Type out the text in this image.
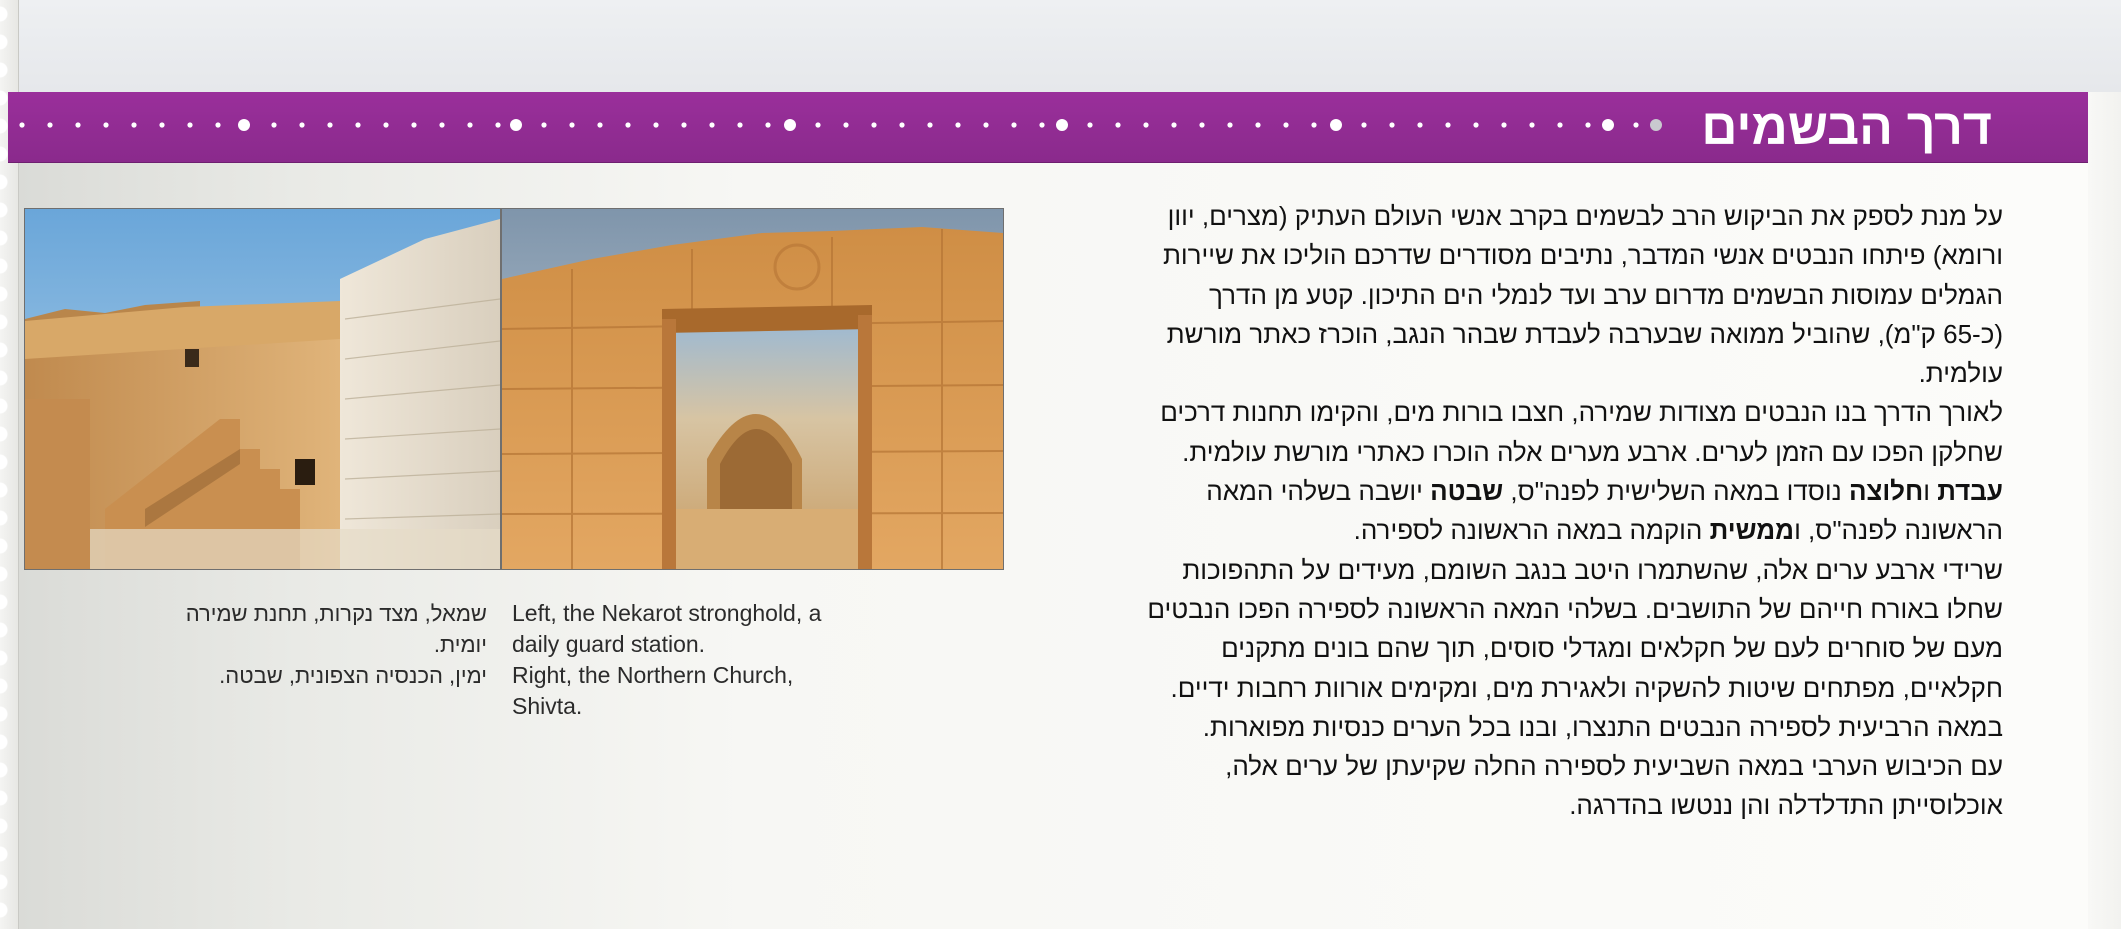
דרך הבשמים
Left, the Nekarot stronghold, a
daily guard station.
Right, the Northern Church,
Shivta.
שמאל, מצד נקרות, תחנת שמירה
יומית.
ימין, הכנסיה הצפונית, שבטה.
על מנת לספק את הביקוש הרב לבשמים בקרב אנשי העולם העתיק (מצרים, יוון
ורומא) פיתחו הנבטים אנשי המדבר, נתיבים מסודרים שדרכם הוליכו את שיירות
הגמלים עמוסות הבשמים מדרום ערב ועד לנמלי הים התיכון. קטע מן הדרך
(כ-65 ק"מ), שהוביל ממואה שבערבה לעבדת שבהר הנגב, הוכרז כאתר מורשת
עולמית.
לאורך הדרך בנו הנבטים מצודות שמירה, חצבו בורות מים, והקימו תחנות דרכים
שחלקן הפכו עם הזמן לערים. ארבע מערים אלה הוכרו כאתרי מורשת עולמית.
עבדת וחלוצה נוסדו במאה השלישית לפנה"ס, שבטה יושבה בשלהי המאה
הראשונה לפנה"ס, וממשית הוקמה במאה הראשונה לספירה.
שרידי ארבע ערים אלה, שהשתמרו היטב בנגב השומם, מעידים על התהפוכות
שחלו באורח חייהם של התושבים. בשלהי המאה הראשונה לספירה הפכו הנבטים
מעם של סוחרים לעם של חקלאים ומגדלי סוסים, תוך שהם בונים מתקנים
חקלאיים, מפתחים שיטות להשקיה ולאגירת מים, ומקימים אורוות רחבות ידיים.
במאה הרביעית לספירה הנבטים התנצרו, ובנו בכל הערים כנסיות מפוארות.
עם הכיבוש הערבי במאה השביעית לספירה החלה שקיעתן של ערים אלה,
אוכלוסייתן התדלדלה והן ננטשו בהדרגה.
